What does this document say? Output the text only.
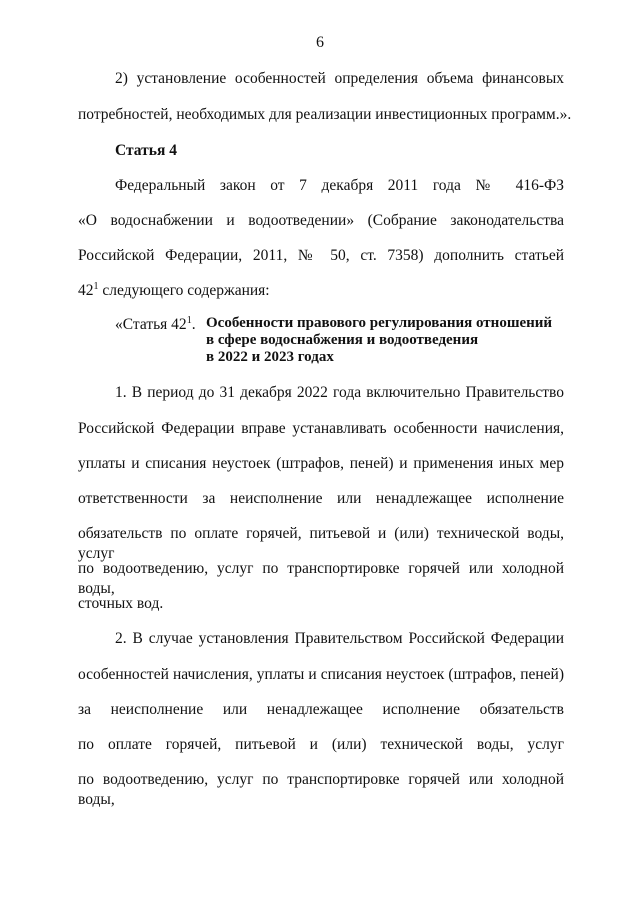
6
2) установление особенностей определения объема финансовых
потребностей, необходимых для реализации инвестиционных программ.».
Статья 4
Федеральный закон от 7 декабря 2011 года № 416-ФЗ
«О водоснабжении и водоотведении» (Собрание законодательства
Российской Федерации, 2011, № 50, ст. 7358) дополнить статьей
$42^1$ следующего содержания:
«Статья $42^1$. Особенности правового регулирования отношений
в сфере водоснабжения и водоотведения
в 2022 и 2023 годах
1. В период до 31 декабря 2022 года включительно Правительство
Российской Федерации вправе устанавливать особенности начисления,
уплаты и списания неустоек (штрафов, пеней) и применения иных мер
ответственности за неисполнение или ненадлежащее исполнение
обязательств по оплате горячей, питьевой и (или) технической воды, услуг
по водоотведению, услуг по транспортировке горячей или холодной воды,
сточных вод.
2. В случае установления Правительством Российской Федерации
особенностей начисления, уплаты и списания неустоек (штрафов, пеней)
за неисполнение или ненадлежащее исполнение обязательств
по оплате горячей, питьевой и (или) технической воды, услуг
по водоотведению, услуг по транспортировке горячей или холодной воды,
